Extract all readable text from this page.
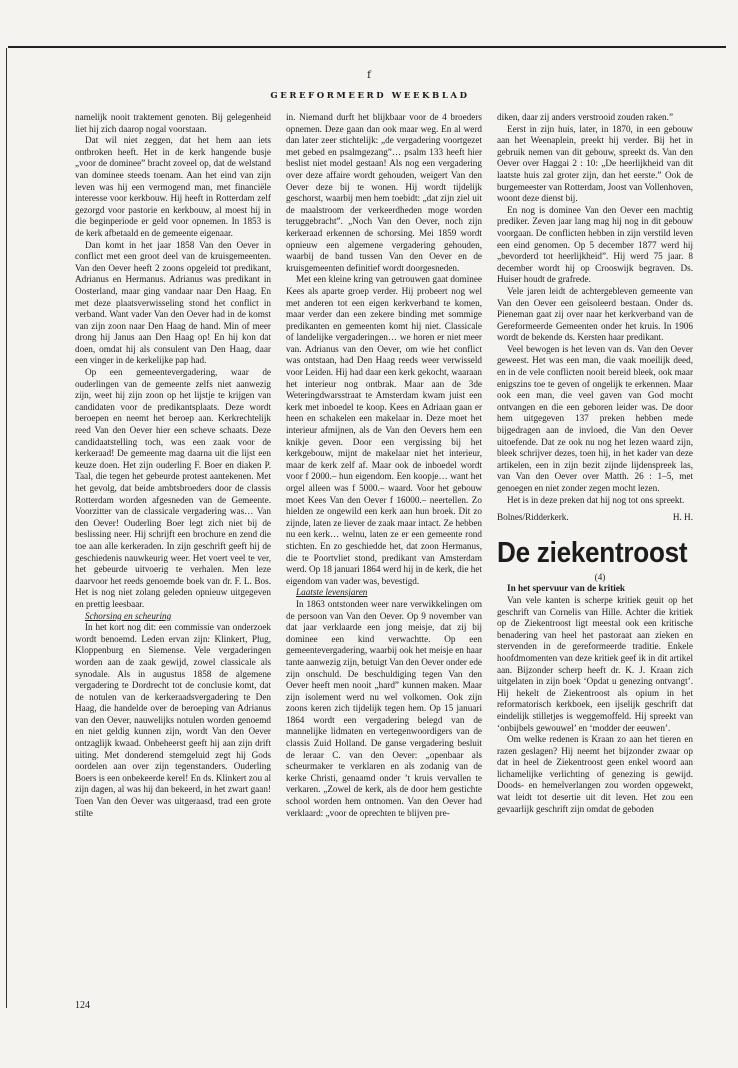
f
GEREFORMEERD WEEKBLAD

namelijk nooit traktement genoten. Bij gelegenheid liet hij zich daarop nogal voorstaan.

Dat wil niet zeggen, dat het hem aan iets ontbroken heeft. Het in de kerk hangende busje „voor de dominee” bracht zoveel op, dat de welstand van dominee steeds toenam. Aan het eind van zijn leven was hij een vermogend man, met financiële interesse voor kerkbouw. Hij heeft in Rotterdam zelf gezorgd voor pastorie en kerkbouw, al moest hij in die beginperiode er geld voor opnemen. In 1853 is de kerk afbetaald en de gemeente eigenaar.

Dan komt in het jaar 1858 Van den Oever in conflict met een groot deel van de kruisgemeenten. Van den Oever heeft 2 zoons opgeleid tot predikant, Adrianus en Hermanus. Adrianus was predikant in Oosterland, maar ging vandaar naar Den Haag. En met deze plaatsverwisseling stond het conflict in verband. Want vader Van den Oever had in de komst van zijn zoon naar Den Haag de hand. Min of meer drong hij Janus aan Den Haag op! En hij kon dat doen, omdat hij als consulent van Den Haag, daar een vinger in de kerkelijke pap had.

Op een gemeentevergadering, waar de ouderlingen van de gemeente zelfs niet aanwezig zijn, weet hij zijn zoon op het lijstje te krijgen van candidaten voor de predikantsplaats. Deze wordt beroepen en neemt het beroep aan. Kerkrechtelijk reed Van den Oever hier een scheve schaats. Deze candidaatstelling toch, was een zaak voor de kerkeraad! De gemeente mag daarna uit die lijst een keuze doen. Het zijn ouderling F. Boer en diaken P. Taal, die tegen het gebeurde protest aantekenen. Met het gevolg, dat beide ambtsbroeders door de classis Rotterdam worden afgesneden van de Gemeente. Voorzitter van de classicale vergadering was… Van den Oever! Ouderling Boer legt zich niet bij de beslissing neer. Hij schrijft een brochure en zend die toe aan alle kerkeraden. In zijn geschrift geeft hij de geschiedenis nauwkeurig weer. Het voert veel te ver, het gebeurde uitvoerig te verhalen. Men leze daarvoor het reeds genoemde boek van dr. F. L. Bos. Het is nog niet zolang geleden opnieuw uitgegeven en prettig leesbaar.

Schorsing en scheuring

In het kort nog dit: een commissie van onderzoek wordt benoemd. Leden ervan zijn: Klinkert, Plug, Kloppenburg en Siemense. Vele vergaderingen worden aan de zaak gewijd, zowel classicale als synodale. Als in augustus 1858 de algemene vergadering te Dordrecht tot de conclusie komt, dat de notulen van de kerkeraadsvergadering te Den Haag, die handelde over de beroeping van Adrianus van den Oever, nauwelijks notulen worden genoemd en niet geldig kunnen zijn, wordt Van den Oever ontzaglijk kwaad. Onbeheerst geeft hij aan zijn drift uiting. Met donderend stemgeluid zegt hij Gods oordelen aan over zijn tegenstanders. Ouderling Boers is een onbekeerde kerel! En ds. Klinkert zou al zijn dagen, al was hij dan bekeerd, in het zwart gaan! Toen Van den Oever was uitgeraasd, trad een grote stilte

in. Niemand durft het blijkbaar voor de 4 broeders opnemen. Deze gaan dan ook maar weg. En al werd dan later zeer stichtelijk: „de vergadering voortgezet met gebed en psalmgezang”… psalm 133 heeft hier beslist niet model gestaan! Als nog een vergadering over deze affaire wordt gehouden, weigert Van den Oever deze bij te wonen. Hij wordt tijdelijk geschorst, waarbij men hem toebidt: „dat zijn ziel uit de maalstroom der verkeerdheden moge worden teruggebracht”. „Noch Van den Oever, noch zijn kerkeraad erkennen de schorsing. Mei 1859 wordt opnieuw een algemene vergadering gehouden, waarbij de band tussen Van den Oever en de kruisgemeenten definitief wordt doorgesneden.

Met een kleine kring van getrouwen gaat dominee Kees als aparte groep verder. Hij probeert nog wel met anderen tot een eigen kerkverband te komen, maar verder dan een zekere binding met sommige predikanten en gemeenten komt hij niet. Classicale of landelijke vergaderingen… we horen er niet meer van. Adrianus van den Oever, om wie het conflict was ontstaan, had Den Haag reeds weer verwisseld voor Leiden. Hij had daar een kerk gekocht, waaraan het interieur nog ontbrak. Maar aan de 3de Weteringdwarsstraat te Amsterdam kwam juist een kerk met inboedel te koop. Kees en Adriaan gaan er heen en schakelen een makelaar in. Deze moet het interieur afmijnen, als de Van den Oevers hem een knikje geven. Door een vergissing bij het kerkgebouw, mijnt de makelaar niet het interieur, maar de kerk zelf af. Maar ook de inboedel wordt voor f 2000.– hun eigendom. Een koopje… want het orgel alleen was f 5000.– waard. Voor het gebouw moet Kees Van den Oever f 16000.– neertellen. Zo hielden ze ongewild een kerk aan hun broek. Dit zo zijnde, laten ze liever de zaak maar intact. Ze hebben nu een kerk… welnu, laten ze er een gemeente rond stichten. En zo geschiedde het, dat zoon Hermanus, die te Poortvliet stond, predikant van Amsterdam werd. Op 18 januari 1864 werd hij in de kerk, die het eigendom van vader was, bevestigd.

Laatste levensjaren

In 1863 ontstonden weer nare verwikkelingen om de persoon van Van den Oever. Op 9 november van dat jaar verklaarde een jong meisje, dat zij bij dominee een kind verwachtte. Op een gemeentevergadering, waarbij ook het meisje en haar tante aanwezig zijn, betuigt Van den Oever onder ede zijn onschuld. De beschuldiging tegen Van den Oever heeft men nooit „hard” kunnen maken. Maar zijn isolement werd nu wel volkomen. Ook zijn zoons keren zich tijdelijk tegen hem. Op 15 januari 1864 wordt een vergadering belegd van de mannelijke lidmaten en vertegenwoordigers van de classis Zuid Holland. De ganse vergadering besluit de leraar C. van den Oever: „openbaar als scheurmaker te verklaren en als zodanig van de kerke Christi, genaamd onder ’t kruis vervallen te verkaren. „Zowel de kerk, als de door hem gestichte school worden hem ontnomen. Van den Oever had verklaard: „voor de oprechten te blijven pre-

diken, daar zij anders verstrooid zouden raken.”

Eerst in zijn huis, later, in 1870, in een gebouw aan het Weenaplein, preekt hij verder. Bij het in gebruik nemen van dit gebouw, spreekt ds. Van den Oever over Haggai 2 : 10: „De heerlijkheid van dit laatste huis zal groter zijn, dan het eerste.” Ook de burgemeester van Rotterdam, Joost van Vollenhoven, woont deze dienst bij.

En nog is dominee Van den Oever een machtig prediker. Zeven jaar lang mag hij nog in dit gebouw voorgaan. De conflicten hebben in zijn verstild leven een eind genomen. Op 5 december 1877 werd hij „bevorderd tot heerlijkheid”. Hij werd 75 jaar. 8 december wordt hij op Crooswijk begraven. Ds. Huiser houdt de grafrede.

Vele jaren leidt de achtergebleven gemeente van Van den Oever een geïsoleerd bestaan. Onder ds. Pieneman gaat zij over naar het kerkverband van de Gereformeerde Gemeenten onder het kruis. In 1906 wordt de bekende ds. Kersten haar predikant.

Veel bewogen is het leven van ds. Van den Oever geweest. Het was een man, die vaak moeilijk deed, en in de vele conflicten nooit bereid bleek, ook maar enigszins toe te geven of ongelijk te erkennen. Maar ook een man, die veel gaven van God mocht ontvangen en die een geboren leider was. De door hem uitgegeven 137 preken hebben mede bijgedragen aan de invloed, die Van den Oever uitoefende. Dat ze ook nu nog het lezen waard zijn, bleek schrijver dezes, toen hij, in het kader van deze artikelen, een in zijn bezit zijnde lijdenspreek las, van Van den Oever over Matth. 26 : 1–5, met genoegen en niet zonder zegen mocht lezen.

Het is in deze preken dat hij nog tot ons spreekt.

Bolnes/Ridderkerk.	H. H.
De ziekentroost

(4)

In het spervuur van de kritiek

Van vele kanten is scherpe kritiek geuit op het geschrift van Cornelis van Hille. Achter die kritiek op de Ziekentroost ligt meestal ook een kritische benadering van heel het pastoraat aan zieken en stervenden in de gereformeerde traditie. Enkele hoofdmomenten van deze kritiek geef ik in dit artikel aan. Bijzonder scherp heeft dr. K. J. Kraan zich uitgelaten in zijn boek ‘Opdat u genezing ontvangt’. Hij hekelt de Ziekentroost als opium in het reformatorisch kerkboek, een ijselijk geschrift dat eindelijk stilletjes is weggemoffeld. Hij spreekt van ‘onbijbels gewouwel’ en ‘modder der eeuwen’.

Om welke redenen is Kraan zo aan het tieren en razen geslagen? Hij neemt het bijzonder zwaar op dat in heel de Ziekentroost geen enkel woord aan lichamelijke verlichting of genezing is gewijd. Doods- en hemelverlangen zou worden opgewekt, wat leidt tot desertie uit dit leven. Het zou een gevaarlijk geschrift zijn omdat de geboden

124
